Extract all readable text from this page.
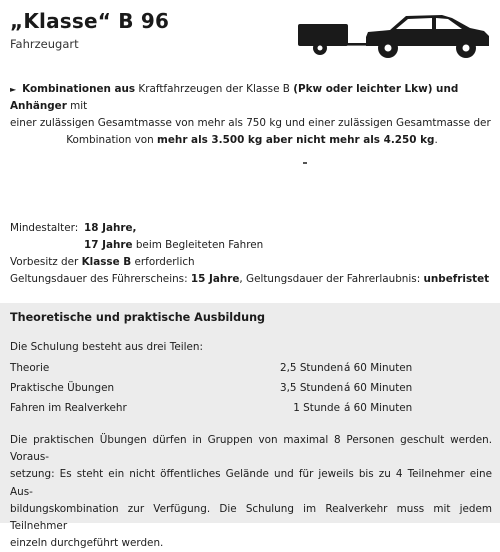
„Klasse“ B 96
Fahrzeugart

► Kombinationen aus Kraftfahrzeugen der Klasse B (Pkw oder leichter Lkw) und Anhänger mit

einer zulässigen Gesamtmasse von mehr als 750 kg und einer zulässigen Gesamtmasse der

Kombination von mehr als 3.500 kg aber nicht mehr als 4.250 kg.

Mindestalter: 18 Jahre,
17 Jahre beim Begleiteten Fahren
Vorbesitz der Klasse B erforderlich
Geltungsdauer des Führerscheins: 15 Jahre, Geltungsdauer der Fahrerlaubnis: unbefristet
Theoretische und praktische Ausbildung
Die Schulung besteht aus drei Teilen:
Theorie	2,5 Stunden á 60 Minuten
Praktische Übungen	3,5 Stunden á 60 Minuten
Fahren im Realverkehr	1 Stunde á 60 Minuten

Die praktischen Übungen dürfen in Gruppen von maximal 8 Personen geschult werden. Voraus-

setzung: Es steht ein nicht öffentliches Gelände und für jeweils bis zu 4 Teilnehmer eine Aus-

bildungskombination zur Verfügung. Die Schulung im Realverkehr muss mit jedem Teilnehmer

einzeln durchgeführt werden.
